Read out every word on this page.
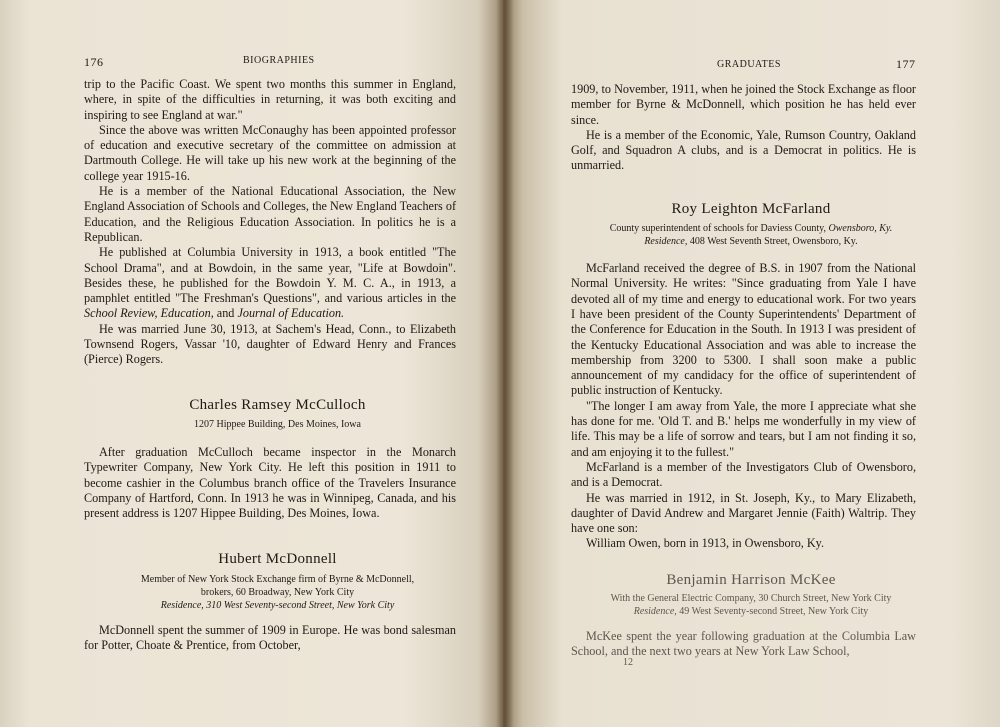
176	BIOGRAPHIES

trip to the Pacific Coast. We spent two months this summer in England, where, in spite of the difficulties in returning, it was both exciting and inspiring to see England at war."

Since the above was written McConaughy has been appointed professor of education and executive secretary of the committee on admission at Dartmouth College. He will take up his new work at the beginning of the college year 1915-16.

He is a member of the National Educational Association, the New England Association of Schools and Colleges, the New England Teachers of Education, and the Religious Education Association. In politics he is a Republican.

He published at Columbia University in 1913, a book entitled "The School Drama", and at Bowdoin, in the same year, "Life at Bowdoin". Besides these, he published for the Bowdoin Y. M. C. A., in 1913, a pamphlet entitled "The Freshman's Questions", and various articles in the School Review, Education, and Journal of Education.

He was married June 30, 1913, at Sachem's Head, Conn., to Elizabeth Townsend Rogers, Vassar '10, daughter of Edward Henry and Frances (Pierce) Rogers.

Charles Ramsey McCulloch

1207 Hippee Building, Des Moines, Iowa

After graduation McCulloch became inspector in the Monarch Typewriter Company, New York City. He left this position in 1911 to become cashier in the Columbus branch office of the Travelers Insurance Company of Hartford, Conn. In 1913 he was in Winnipeg, Canada, and his present address is 1207 Hippee Building, Des Moines, Iowa.

Hubert McDonnell

Member of New York Stock Exchange firm of Byrne & McDonnell,

brokers, 60 Broadway, New York City

Residence, 310 West Seventy-second Street, New York City

McDonnell spent the summer of 1909 in Europe. He was bond salesman for Potter, Choate & Prentice, from October,

GRADUATES	177

1909, to November, 1911, when he joined the Stock Exchange as floor member for Byrne & McDonnell, which position he has held ever since.

He is a member of the Economic, Yale, Rumson Country, Oakland Golf, and Squadron A clubs, and is a Democrat in politics. He is unmarried.

Roy Leighton McFarland

County superintendent of schools for Daviess County, Owensboro, Ky.

Residence, 408 West Seventh Street, Owensboro, Ky.

McFarland received the degree of B.S. in 1907 from the National Normal University. He writes: "Since graduating from Yale I have devoted all of my time and energy to educational work. For two years I have been president of the County Superintendents' Department of the Conference for Education in the South. In 1913 I was president of the Kentucky Educational Association and was able to increase the membership from 3200 to 5300. I shall soon make a public announcement of my candidacy for the office of superintendent of public instruction of Kentucky.

"The longer I am away from Yale, the more I appreciate what she has done for me. 'Old T. and B.' helps me wonderfully in my view of life. This may be a life of sorrow and tears, but I am not finding it so, and am enjoying it to the fullest."

McFarland is a member of the Investigators Club of Owensboro, and is a Democrat.

He was married in 1912, in St. Joseph, Ky., to Mary Elizabeth, daughter of David Andrew and Margaret Jennie (Faith) Waltrip. They have one son:

William Owen, born in 1913, in Owensboro, Ky.

Benjamin Harrison McKee

With the General Electric Company, 30 Church Street, New York City

Residence, 49 West Seventy-second Street, New York City

McKee spent the year following graduation at the Columbia Law School, and the next two years at New York Law School,

12
